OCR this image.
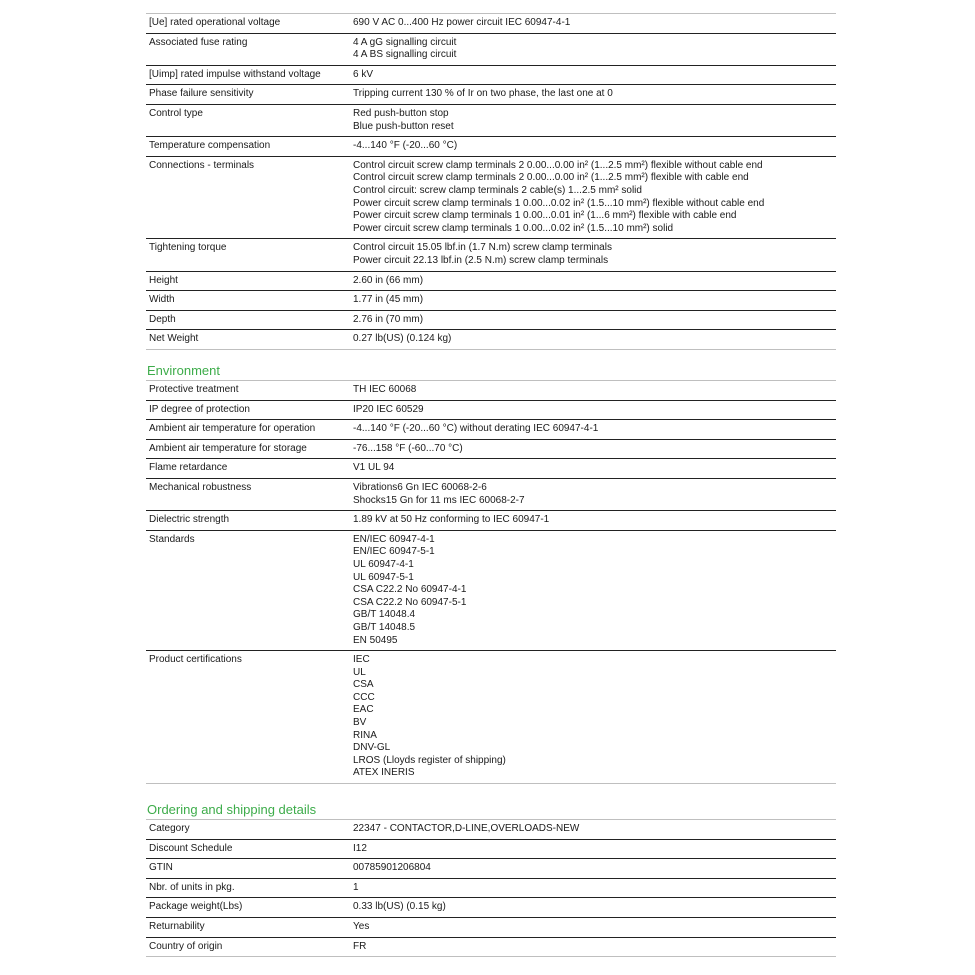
[Ue] rated operational voltage	690 V AC 0...400 Hz power circuit IEC 60947-4-1
Associated fuse rating	4 A gG signalling circuit
4 A BS signalling circuit
[Uimp] rated impulse withstand voltage	6 kV
Phase failure sensitivity	Tripping current 130 % of Ir on two phase, the last one at 0
Control type	Red push-button stop
Blue push-button reset
Temperature compensation	-4...140 °F (-20...60 °C)
Connections - terminals	Control circuit screw clamp terminals 2 0.00...0.00 in² (1...2.5 mm²) flexible without cable end
Control circuit screw clamp terminals 2 0.00...0.00 in² (1...2.5 mm²) flexible with cable end
Control circuit: screw clamp terminals 2 cable(s) 1...2.5 mm² solid
Power circuit screw clamp terminals 1 0.00...0.02 in² (1.5...10 mm²) flexible without cable end
Power circuit screw clamp terminals 1 0.00...0.01 in² (1...6 mm²) flexible with cable end
Power circuit screw clamp terminals 1 0.00...0.02 in² (1.5...10 mm²) solid
Tightening torque	Control circuit 15.05 lbf.in (1.7 N.m) screw clamp terminals
Power circuit 22.13 lbf.in (2.5 N.m) screw clamp terminals
Height	2.60 in (66 mm)
Width	1.77 in (45 mm)
Depth	2.76 in (70 mm)
Net Weight	0.27 lb(US) (0.124 kg)
Environment
Protective treatment	TH IEC 60068
IP degree of protection	IP20 IEC 60529
Ambient air temperature for operation	-4...140 °F (-20...60 °C) without derating IEC 60947-4-1
Ambient air temperature for storage	-76...158 °F (-60...70 °C)
Flame retardance	V1 UL 94
Mechanical robustness	Vibrations6 Gn IEC 60068-2-6
Shocks15 Gn for 11 ms IEC 60068-2-7
Dielectric strength	1.89 kV at 50 Hz conforming to IEC 60947-1
Standards	EN/IEC 60947-4-1
EN/IEC 60947-5-1
UL 60947-4-1
UL 60947-5-1
CSA C22.2 No 60947-4-1
CSA C22.2 No 60947-5-1
GB/T 14048.4
GB/T 14048.5
EN 50495
Product certifications	IEC
UL
CSA
CCC
EAC
BV
RINA
DNV-GL
LROS (Lloyds register of shipping)
ATEX INERIS
Ordering and shipping details
Category	22347 - CONTACTOR,D-LINE,OVERLOADS-NEW
Discount Schedule	I12
GTIN	00785901206804
Nbr. of units in pkg.	1
Package weight(Lbs)	0.33 lb(US) (0.15 kg)
Returnability	Yes
Country of origin	FR
